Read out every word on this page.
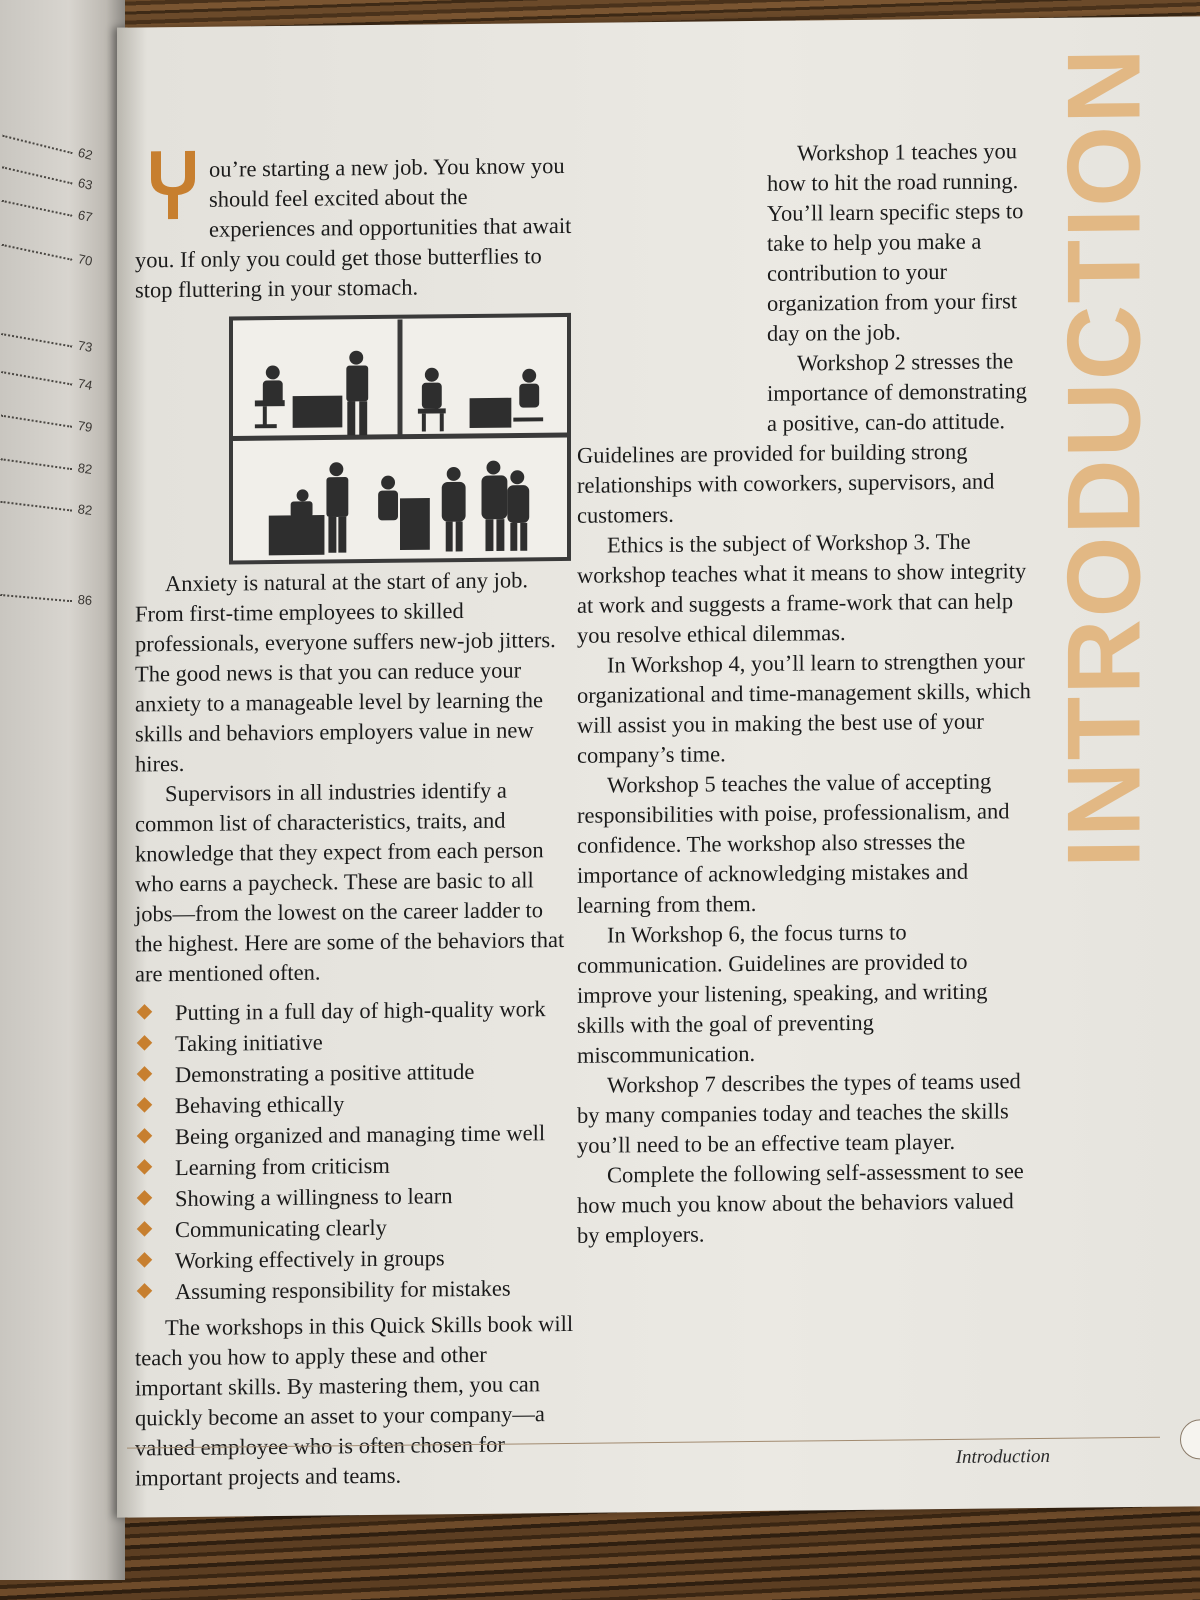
62
63
67
70
73
74
79
82
82
86

ou’re starting a new job. You know you should feel excited about the experiences and opportunities that await you. If only you could get those butterflies to stop fluttering in your stomach.

Anxiety is natural at the start of any job. From first-time employees to skilled professionals, everyone suffers new-job jitters. The good news is that you can reduce your anxiety to a manageable level by learning the skills and behaviors employers value in new hires.

Supervisors in all industries identify a common list of characteristics, traits, and knowledge that they expect from each person who earns a paycheck. These are basic to all jobs—from the lowest on the career ladder to the highest. Here are some of the behaviors that are mentioned often.

Putting in a full day of high-quality work
Taking initiative
Demonstrating a positive attitude
Behaving ethically
Being organized and managing time well
Learning from criticism
Showing a willingness to learn
Communicating clearly
Working effectively in groups
Assuming responsibility for mistakes

The workshops in this Quick Skills book will teach you how to apply these and other important skills. By mastering them, you can quickly become an asset to your company—a valued employee who is often chosen for important projects and teams.

Workshop 1 teaches you how to hit the road running. You’ll learn specific steps to take to help you make a contribution to your organization from your first day on the job.

Workshop 2 stresses the importance of demonstrating a positive, can-do attitude. Guidelines are provided for building strong relationships with coworkers, supervisors, and customers.

Ethics is the subject of Workshop 3. The workshop teaches what it means to show integrity at work and suggests a frame-work that can help you resolve ethical dilemmas.

In Workshop 4, you’ll learn to strengthen your organizational and time-management skills, which will assist you in making the best use of your company’s time.

Workshop 5 teaches the value of accepting responsibilities with poise, professionalism, and confidence. The workshop also stresses the importance of acknowledging mistakes and learning from them.

In Workshop 6, the focus turns to communication. Guidelines are provided to improve your listening, speaking, and writing skills with the goal of preventing miscommunication.

Workshop 7 describes the types of teams used by many companies today and teaches the skills you’ll need to be an effective team player.

Complete the following self-assessment to see how much you know about the behaviors valued by employers.

INTRODUCTION
Introduction
